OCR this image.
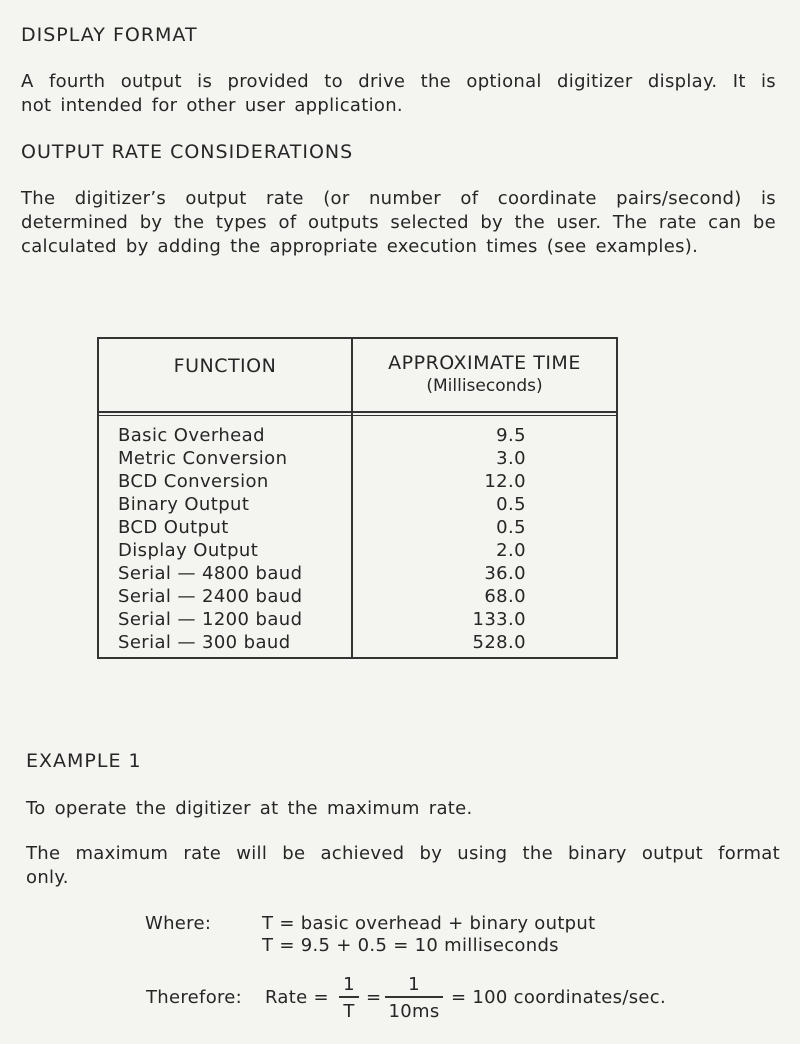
DISPLAY FORMAT
A fourth output is provided to drive the optional digitizer display. It is
not intended for other user application.
OUTPUT RATE CONSIDERATIONS
The digitizer’s output rate (or number of coordinate pairs/second) is
determined by the types of outputs selected by the user. The rate can be
calculated by adding the appropriate execution times (see examples).
FUNCTION	APPROXIMATE TIME
(Milliseconds)
Basic Overhead	9.5
Metric Conversion	3.0
BCD Conversion	12.0
Binary Output	0.5
BCD Output	0.5
Display Output	2.0
Serial — 4800 baud	36.0
Serial — 2400 baud	68.0
Serial — 1200 baud	133.0
Serial — 300 baud	528.0
EXAMPLE 1
To operate the digitizer at the maximum rate.
The maximum rate will be achieved by using the binary output format
only.
Where:	T = basic overhead + binary output
T = 9.5 + 0.5 = 10 milliseconds
Therefore: Rate =
1
T
=
1
10ms
= 100 coordinates/sec.
